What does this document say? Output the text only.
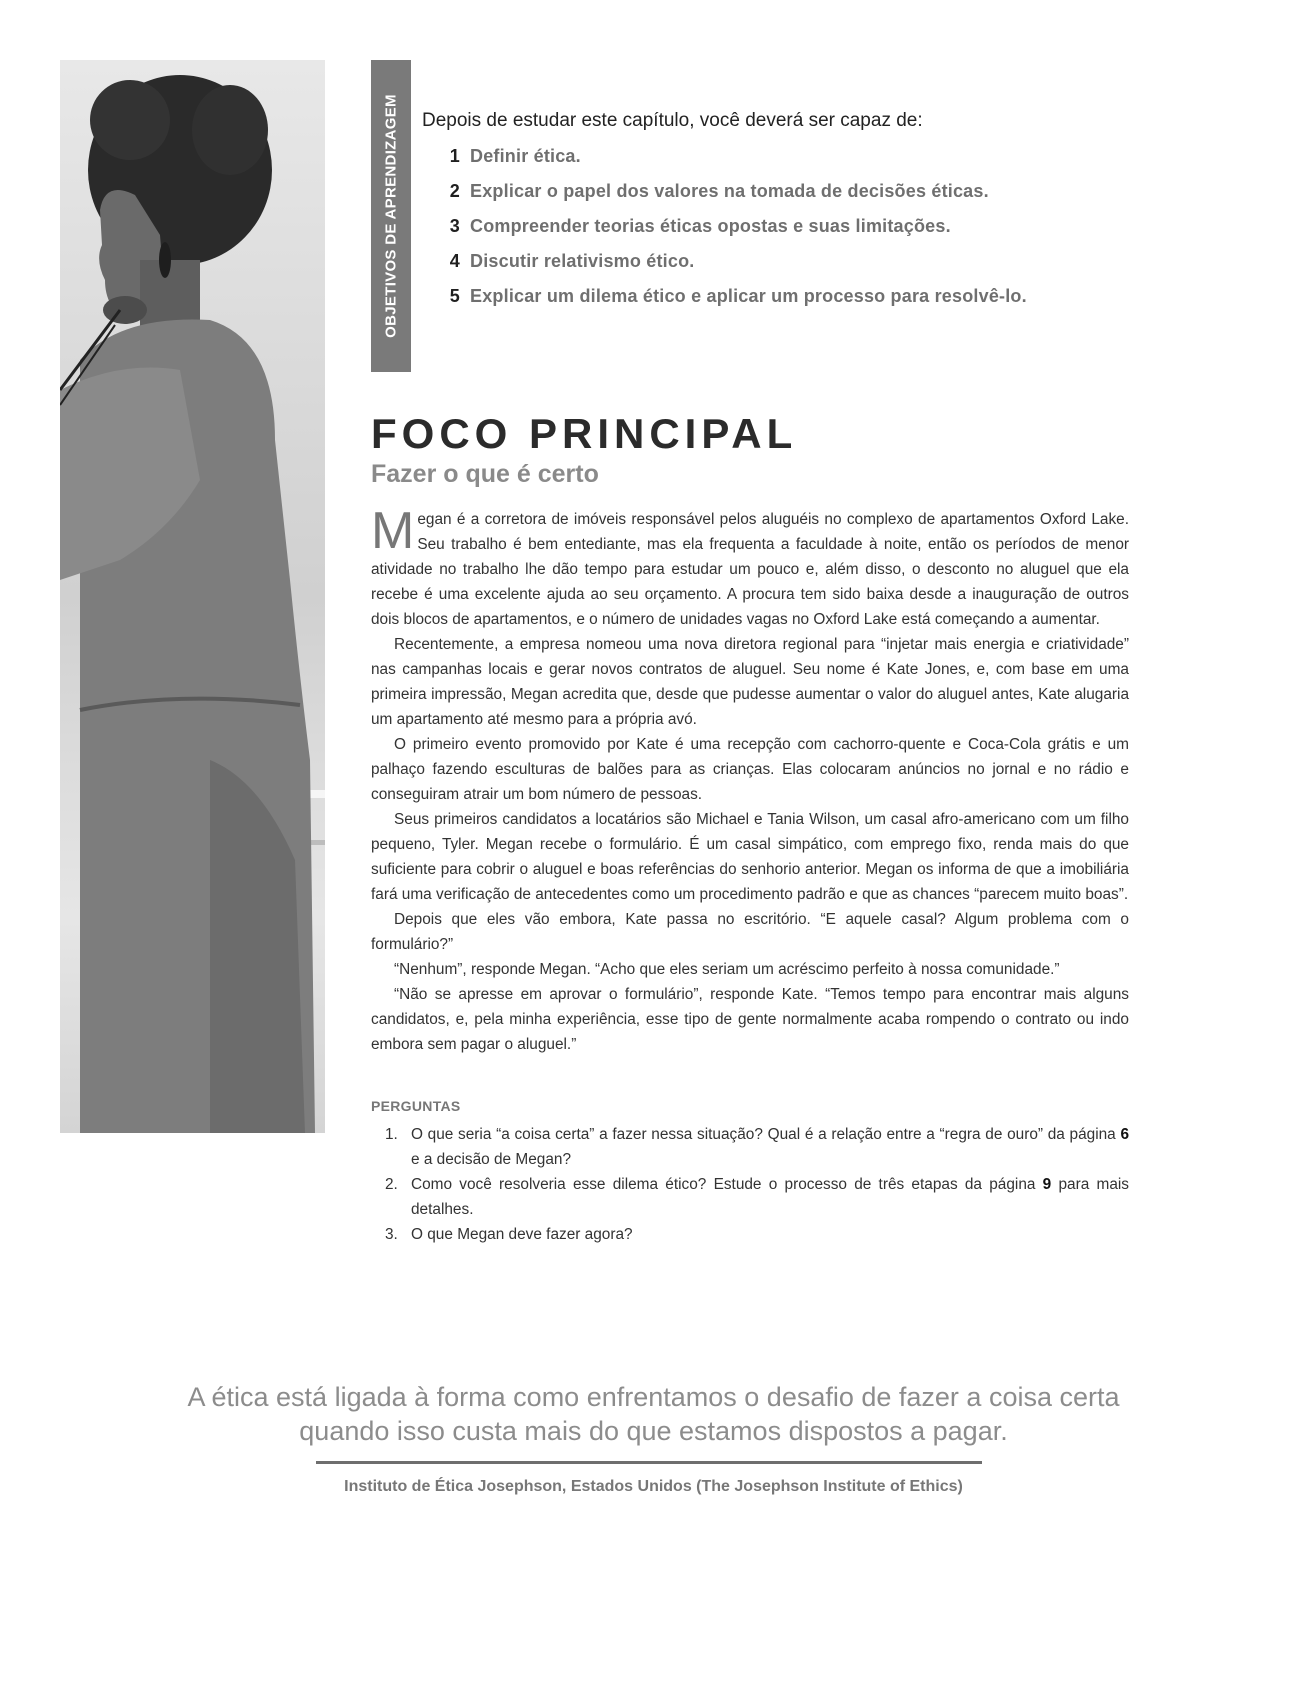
OBJETIVOS DE APRENDIZAGEM Depois de estudar este capítulo, você deverá ser capaz de:
1 Definir ética.
2 Explicar o papel dos valores na tomada de decisões éticas.
3 Compreender teorias éticas opostas e suas limitações.
4 Discutir relativismo ético.
5 Explicar um dilema ético e aplicar um processo para resolvê-lo.
FOCO PRINCIPAL
Fazer o que é certo

Megan é a corretora de imóveis responsável pelos aluguéis no complexo de apartamentos Oxford Lake. Seu trabalho é bem entediante, mas ela frequenta a faculdade à noite, então os períodos de menor atividade no trabalho lhe dão tempo para estudar um pouco e, além disso, o desconto no aluguel que ela recebe é uma excelente ajuda ao seu orçamento. A procura tem sido baixa desde a inauguração de outros dois blocos de apartamentos, e o número de unidades vagas no Oxford Lake está começando a aumentar.

Recentemente, a empresa nomeou uma nova diretora regional para “injetar mais energia e criatividade” nas campanhas locais e gerar novos contratos de aluguel. Seu nome é Kate Jones, e, com base em uma primeira impressão, Megan acredita que, desde que pudesse aumentar o valor do aluguel antes, Kate alugaria um apartamento até mesmo para a própria avó.

O primeiro evento promovido por Kate é uma recepção com cachorro-quente e Coca-Cola grátis e um palhaço fazendo esculturas de balões para as crianças. Elas colocaram anúncios no jornal e no rádio e conseguiram atrair um bom número de pessoas.

Seus primeiros candidatos a locatários são Michael e Tania Wilson, um casal afro-americano com um filho pequeno, Tyler. Megan recebe o formulário. É um casal simpático, com emprego fixo, renda mais do que suficiente para cobrir o aluguel e boas referências do senhorio anterior. Megan os informa de que a imobiliária fará uma verificação de antecedentes como um procedimento padrão e que as chances “parecem muito boas”.

Depois que eles vão embora, Kate passa no escritório. “E aquele casal? Algum problema com o formulário?”

“Nenhum”, responde Megan. “Acho que eles seriam um acréscimo perfeito à nossa comunidade.”

“Não se apresse em aprovar o formulário”, responde Kate. “Temos tempo para encontrar mais alguns candidatos, e, pela minha experiência, esse tipo de gente normalmente acaba rompendo o contrato ou indo embora sem pagar o aluguel.”

PERGUNTAS
1. O que seria “a coisa certa” a fazer nessa situação? Qual é a relação entre a “regra de ouro” da página 6 e a decisão de Megan?
2. Como você resolveria esse dilema ético? Estude o processo de três etapas da página 9 para mais detalhes.
3. O que Megan deve fazer agora?
A ética está ligada à forma como enfrentamos o desafio de fazer a coisa certa
quando isso custa mais do que estamos dispostos a pagar.
Instituto de Ética Josephson, Estados Unidos (The Josephson Institute of Ethics)
